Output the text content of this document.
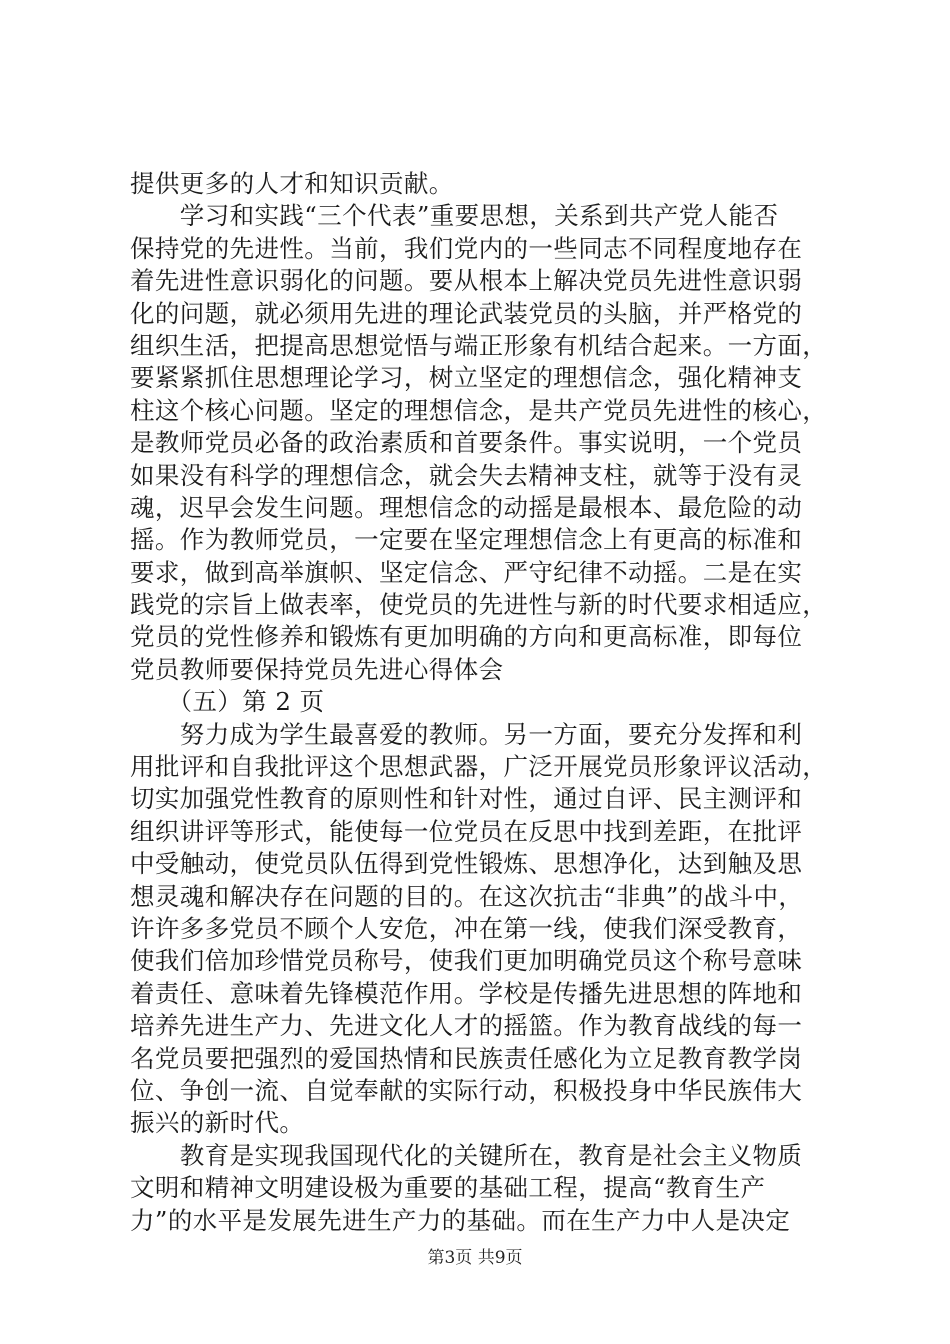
提供更多的人才和知识贡献。
　　学习和实践“三个代表”重要思想，关系到共产党人能否
保持党的先进性。当前，我们党内的一些同志不同程度地存在
着先进性意识弱化的问题。要从根本上解决党员先进性意识弱
化的问题，就必须用先进的理论武装党员的头脑，并严格党的
组织生活，把提高思想觉悟与端正形象有机结合起来。一方面，
要紧紧抓住思想理论学习，树立坚定的理想信念，强化精神支
柱这个核心问题。坚定的理想信念，是共产党员先进性的核心，
是教师党员必备的政治素质和首要条件。事实说明，一个党员
如果没有科学的理想信念，就会失去精神支柱，就等于没有灵
魂，迟早会发生问题。理想信念的动摇是最根本、最危险的动
摇。作为教师党员，一定要在坚定理想信念上有更高的标准和
要求，做到高举旗帜、坚定信念、严守纪律不动摇。二是在实
践党的宗旨上做表率，使党员的先进性与新的时代要求相适应，
党员的党性修养和锻炼有更加明确的方向和更高标准，即每位
党员教师要保持党员先进心得体会
　　（五）第 2 页
　　努力成为学生最喜爱的教师。另一方面，要充分发挥和利
用批评和自我批评这个思想武器，广泛开展党员形象评议活动，
切实加强党性教育的原则性和针对性，通过自评、民主测评和
组织讲评等形式，能使每一位党员在反思中找到差距，在批评
中受触动，使党员队伍得到党性锻炼、思想净化，达到触及思
想灵魂和解决存在问题的目的。在这次抗击“非典”的战斗中，
许许多多党员不顾个人安危，冲在第一线，使我们深受教育，
使我们倍加珍惜党员称号，使我们更加明确党员这个称号意味
着责任、意味着先锋模范作用。学校是传播先进思想的阵地和
培养先进生产力、先进文化人才的摇篮。作为教育战线的每一
名党员要把强烈的爱国热情和民族责任感化为立足教育教学岗
位、争创一流、自觉奉献的实际行动，积极投身中华民族伟大
振兴的新时代。
　　教育是实现我国现代化的关键所在，教育是社会主义物质
文明和精神文明建设极为重要的基础工程，提高“教育生产
力”的水平是发展先进生产力的基础。而在生产力中人是决定
第3页 共9页
